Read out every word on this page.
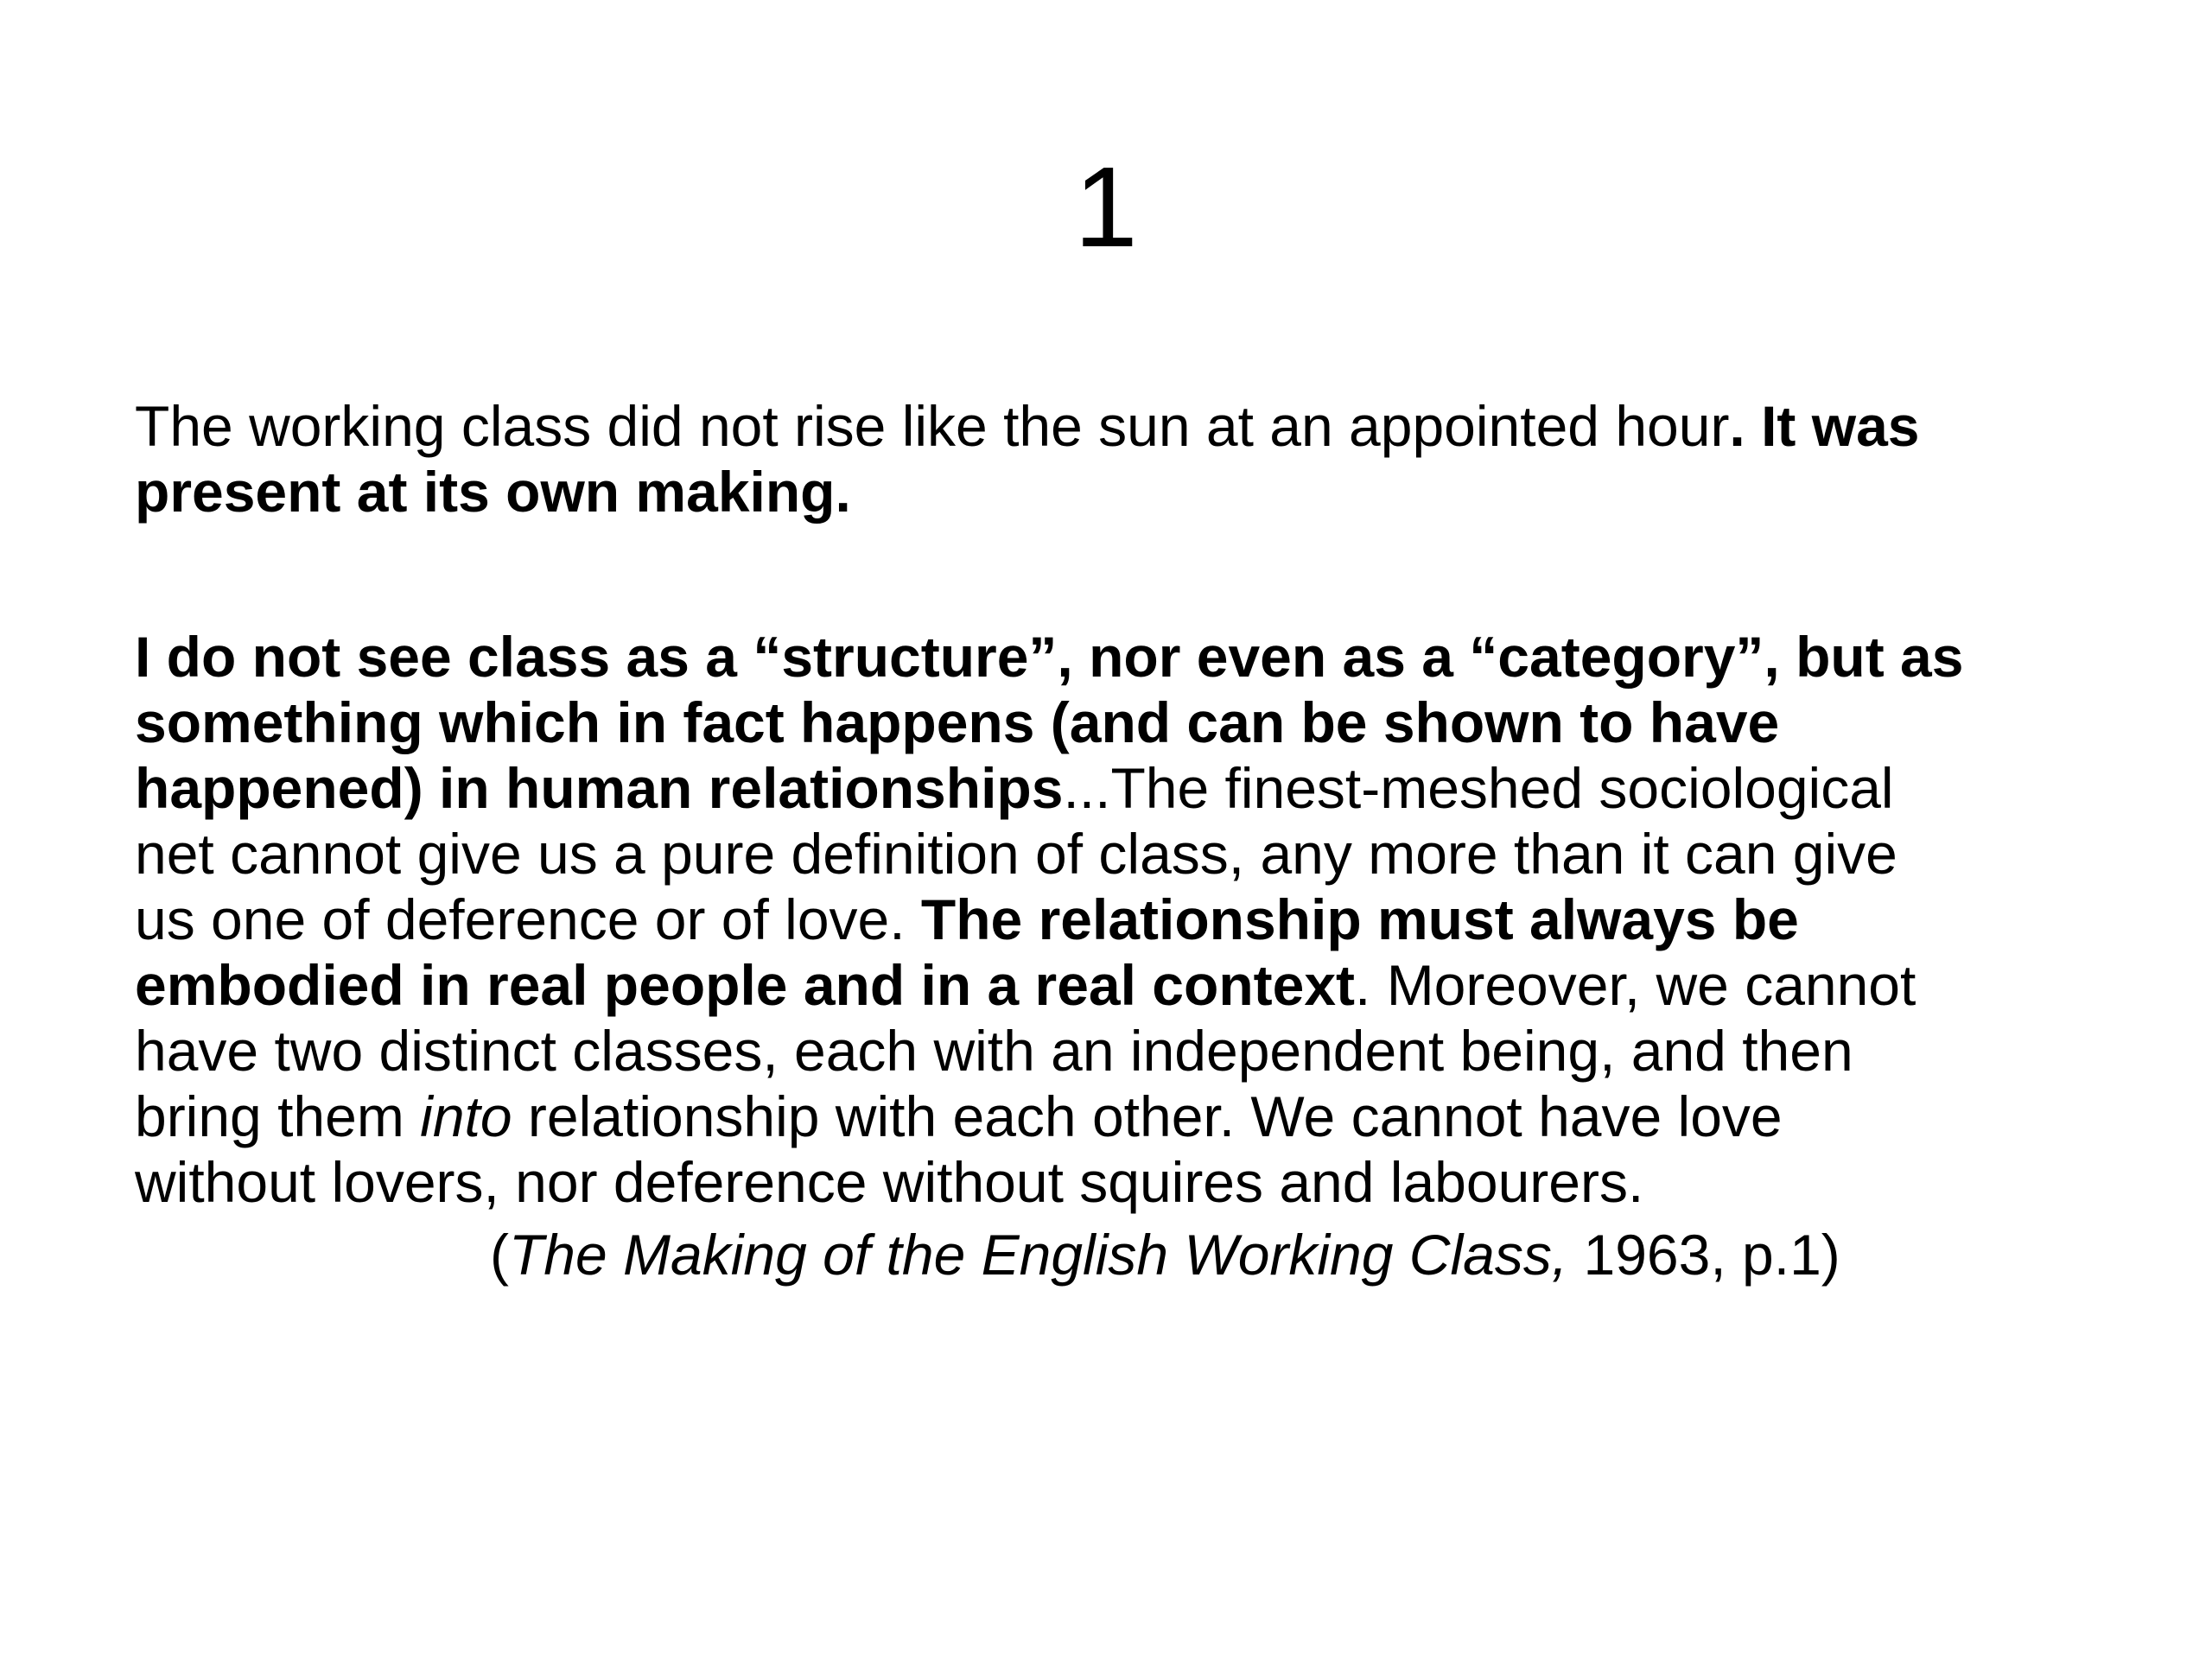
1

The working class did not rise like the sun at an appointed hour. It was
present at its own making.

I do not see class as a “structure”, nor even as a “category”, but as
something which in fact happens (and can be shown to have
happened) in human relationships...The finest-meshed sociological
net cannot give us a pure definition of class, any more than it can give
us one of deference or of love. The relationship must always be
embodied in real people and in a real context. Moreover, we cannot
have two distinct classes, each with an independent being, and then
bring them into relationship with each other. We cannot have love
without lovers, nor deference without squires and labourers.

(The Making of the English Working Class, 1963, p.1)
